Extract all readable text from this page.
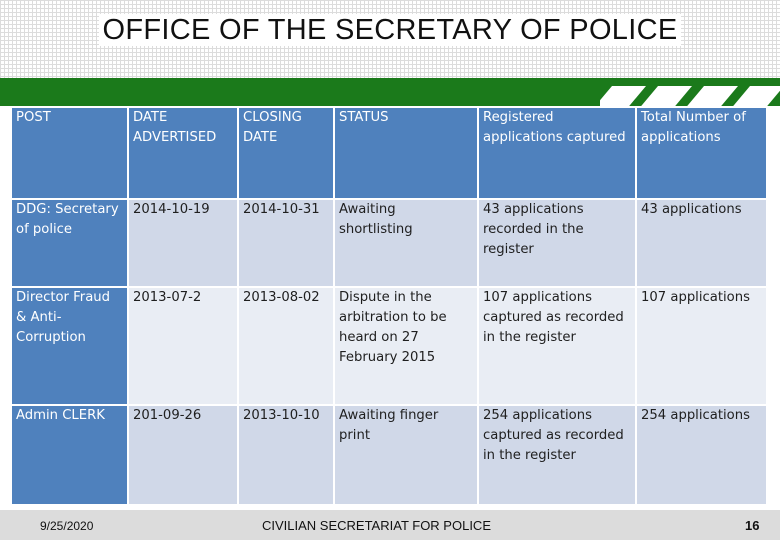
OFFICE OF THE SECRETARY OF POLICE
POST	DATE ADVERTISED	CLOSING DATE	STATUS	Registered applications captured	Total Number of applications
DDG: Secretary of police	2014-10-19	2014-10-31	Awaiting shortlisting	43 applications recorded in the register	43 applications
Director Fraud & Anti-Corruption	2013-07-2	2013-08-02	Dispute in the arbitration to be heard on 27 February 2015	107 applications captured as recorded in the register	107 applications
Admin CLERK	201-09-26	2013-10-10	Awaiting finger print	254 applications captured as recorded in the register	254 applications
9/25/2020	CIVILIAN SECRETARIAT FOR POLICE	16
